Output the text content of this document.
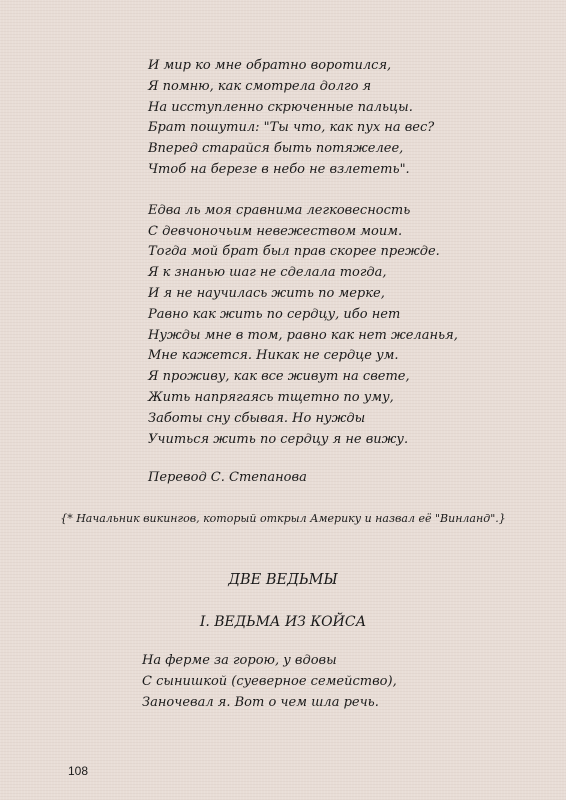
И мир ко мне обратно воротился,
Я помню, как смотрела долго я
На исступленно скрюченные пальцы.
Брат пошутил: "Ты что, как пух на вес?
Вперед старайся быть потяжелее,
Чтоб на березе в небо не взлететь".
Едва ль моя сравнима легковесность
С девчоночьим невежеством моим.
Тогда мой брат был прав скорее прежде.
Я к знанью шаг не сделала тогда,
И я не научилась жить по мерке,
Равно как жить по сердцу, ибо нет
Нужды мне в том, равно как нет желанья,
Мне кажется. Никак не сердце ум.
Я проживу, как все живут на свете,
Жить напрягаясь тщетно по уму,
Заботы сну сбывая. Но нужды
Учиться жить по сердцу я не вижу.
Перевод С. Степанова
{* Начальник викингов, который открыл Америку и назвал её "Винланд".}
ДВЕ ВЕДЬМЫ
I. ВЕДЬМА ИЗ КОЙСА
На ферме за горою, у вдовы
С сынишкой (суеверное семейство),
Заночевал я. Вот о чем шла речь.
108
